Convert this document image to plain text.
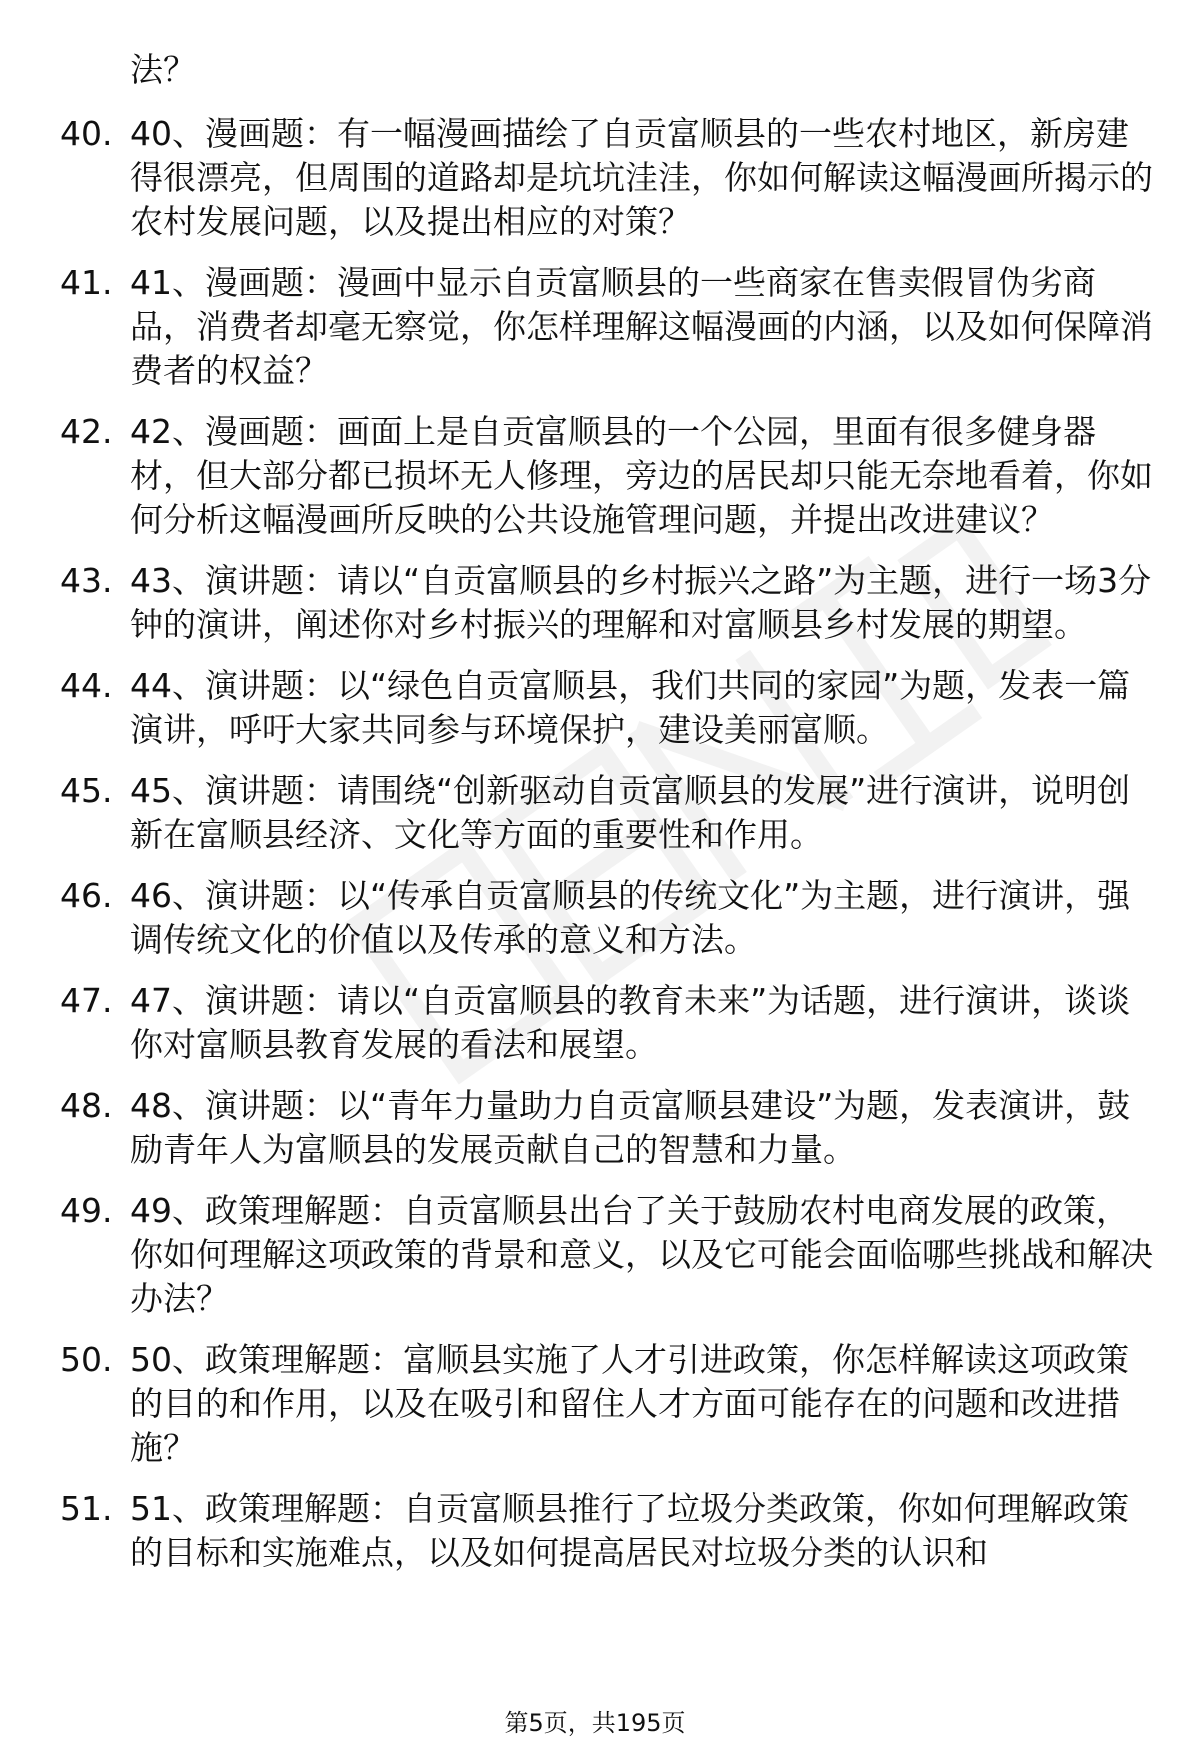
法？

40. 40、漫画题：有一幅漫画描绘了自贡富顺县的一些农村地区，新房建得很漂亮，但周围的道路却是坑坑洼洼，你如何解读这幅漫画所揭示的农村发展问题，以及提出相应的对策？

41. 41、漫画题：漫画中显示自贡富顺县的一些商家在售卖假冒伪劣商品，消费者却毫无察觉，你怎样理解这幅漫画的内涵，以及如何保障消费者的权益？

42. 42、漫画题：画面上是自贡富顺县的一个公园，里面有很多健身器材，但大部分都已损坏无人修理，旁边的居民却只能无奈地看着，你如何分析这幅漫画所反映的公共设施管理问题，并提出改进建议？

43. 43、演讲题：请以“自贡富顺县的乡村振兴之路”为主题，进行一场3分钟的演讲，阐述你对乡村振兴的理解和对富顺县乡村发展的期望。

44. 44、演讲题：以“绿色自贡富顺县，我们共同的家园”为题，发表一篇演讲，呼吁大家共同参与环境保护，建设美丽富顺。

45. 45、演讲题：请围绕“创新驱动自贡富顺县的发展”进行演讲，说明创新在富顺县经济、文化等方面的重要性和作用。

46. 46、演讲题：以“传承自贡富顺县的传统文化”为主题，进行演讲，强调传统文化的价值以及传承的意义和方法。

47. 47、演讲题：请以“自贡富顺县的教育未来”为话题，进行演讲，谈谈你对富顺县教育发展的看法和展望。

48. 48、演讲题：以“青年力量助力自贡富顺县建设”为题，发表演讲，鼓励青年人为富顺县的发展贡献自己的智慧和力量。

49. 49、政策理解题：自贡富顺县出台了关于鼓励农村电商发展的政策，你如何理解这项政策的背景和意义，以及它可能会面临哪些挑战和解决办法？

50. 50、政策理解题：富顺县实施了人才引进政策，你怎样解读这项政策的目的和作用，以及在吸引和留住人才方面可能存在的问题和改进措施？

51. 51、政策理解题：自贡富顺县推行了垃圾分类政策，你如何理解政策的目标和实施难点，以及如何提高居民对垃圾分类的认识和

第5页，共195页
